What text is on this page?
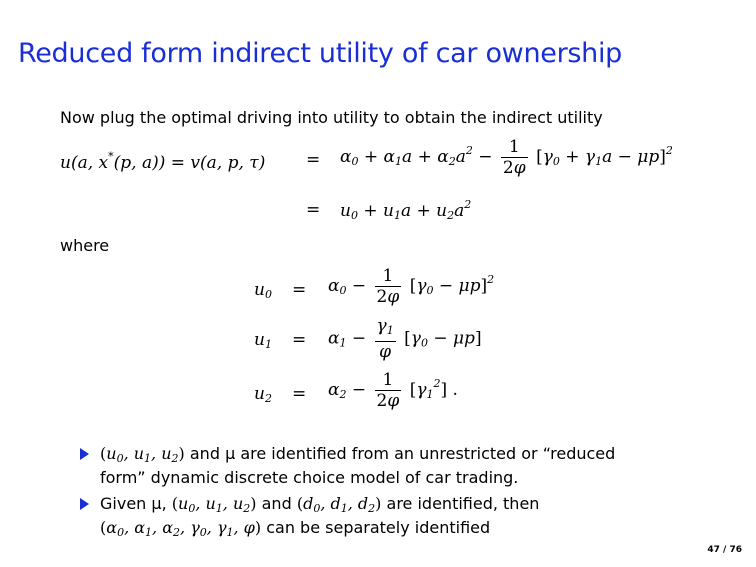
Reduced form indirect utility of car ownership
Now plug the optimal driving into utility to obtain the indirect utility
u(a, x*(p, a)) = v(a, p, $\tau) = \alpha_0 + \alpha_1a + \alpha_2a^2 - \frac{1}{2\varphi} [\gamma_0 + \gamma_1a - \mu p]^2$
= $u_0 + u_1a + u_2a^2$
where
$u_0 = \alpha_0 - \frac{1}{2\varphi} [\gamma_0 - \mu p]^2$
$u_1 = \alpha_1 - \frac{\gamma_1}{\varphi} [\gamma_0 - \mu p]$
$u_2 = \alpha_2 - \frac{1}{2\varphi} [\gamma_1^2]$ .
($u_0$, $u_1$, $u_2$) and μ are identified from an unrestricted or “reduced
form” dynamic discrete choice model of car trading.
Given μ, ($u_0$, $u_1$, $u_2$) and ($d_0$, $d_1$, $d_2$) are identified, then
($\alpha_0$, $\alpha_1$, $\alpha_2$, $\gamma_0$, $\gamma_1$, φ) can be separately identified
47 / 76
